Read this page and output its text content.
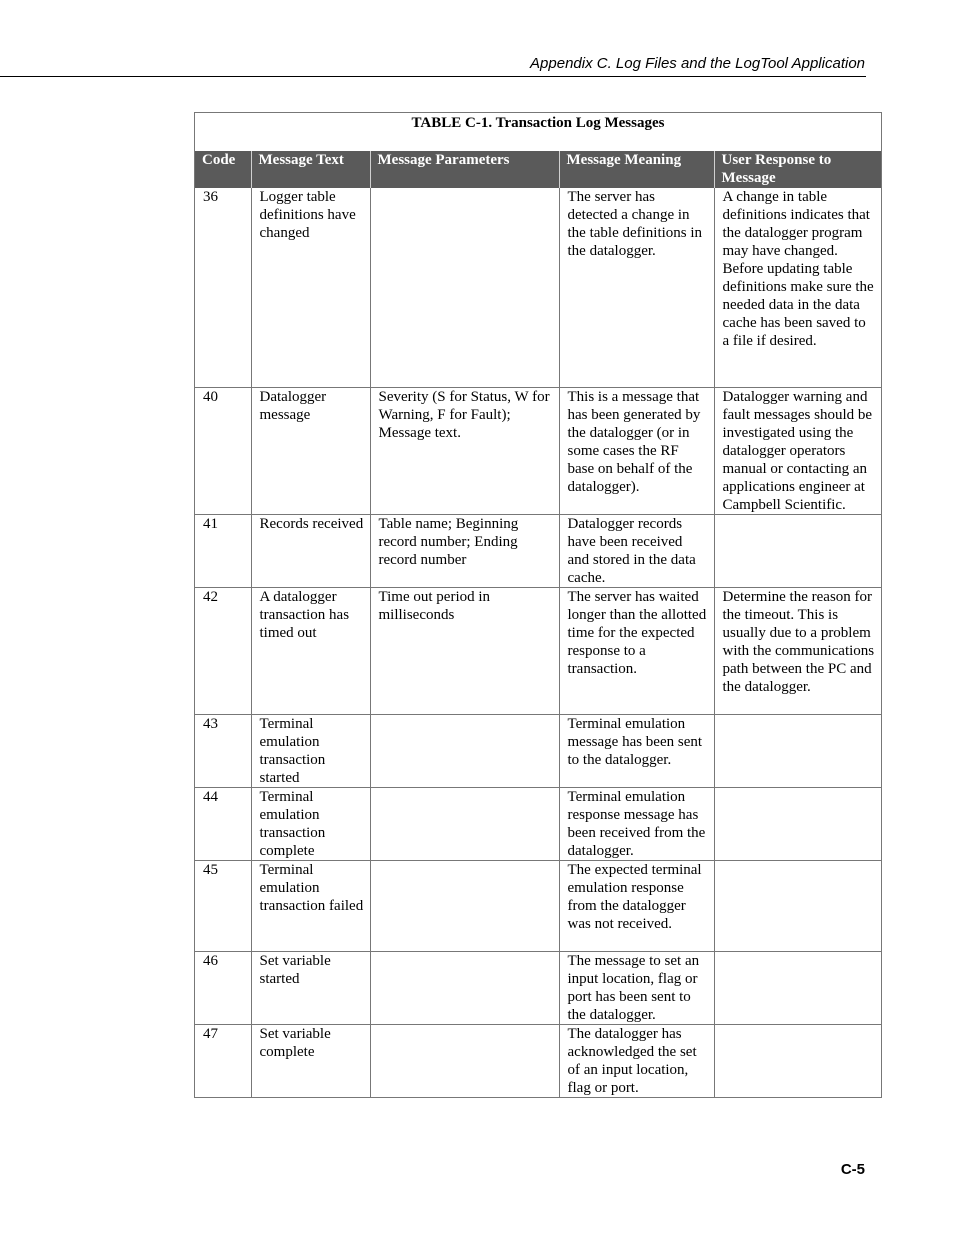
Appendix C. Log Files and the LogTool Application
TABLE C-1. Transaction Log Messages
Code	Message Text	Message Parameters	Message Meaning	User Response to Message
36	Logger table definitions have changed		The server has detected a change in the table definitions in the datalogger.	A change in table definitions indicates that the datalogger program may have changed. Before updating table definitions make sure the needed data in the data cache has been saved to a file if desired.
40	Datalogger message	Severity (S for Status, W for Warning, F for Fault); Message text.	This is a message that has been generated by the datalogger (or in some cases the RF base on behalf of the datalogger).	Datalogger warning and fault messages should be investigated using the datalogger operators manual or contacting an applications engineer at Campbell Scientific.
41	Records received	Table name; Beginning record number; Ending record number	Datalogger records have been received and stored in the data cache.	
42	A datalogger transaction has timed out	Time out period in milliseconds	The server has waited longer than the allotted time for the expected response to a transaction.	Determine the reason for the timeout. This is usually due to a problem with the communications path between the PC and the datalogger.
43	Terminal emulation transaction started		Terminal emulation message has been sent to the datalogger.	
44	Terminal emulation transaction complete		Terminal emulation response message has been received from the datalogger.	
45	Terminal emulation transaction failed		The expected terminal emulation response from the datalogger was not received.	
46	Set variable started		The message to set an input location, flag or port has been sent to the datalogger.	
47	Set variable complete		The datalogger has acknowledged the set of an input location, flag or port.	
C-5
